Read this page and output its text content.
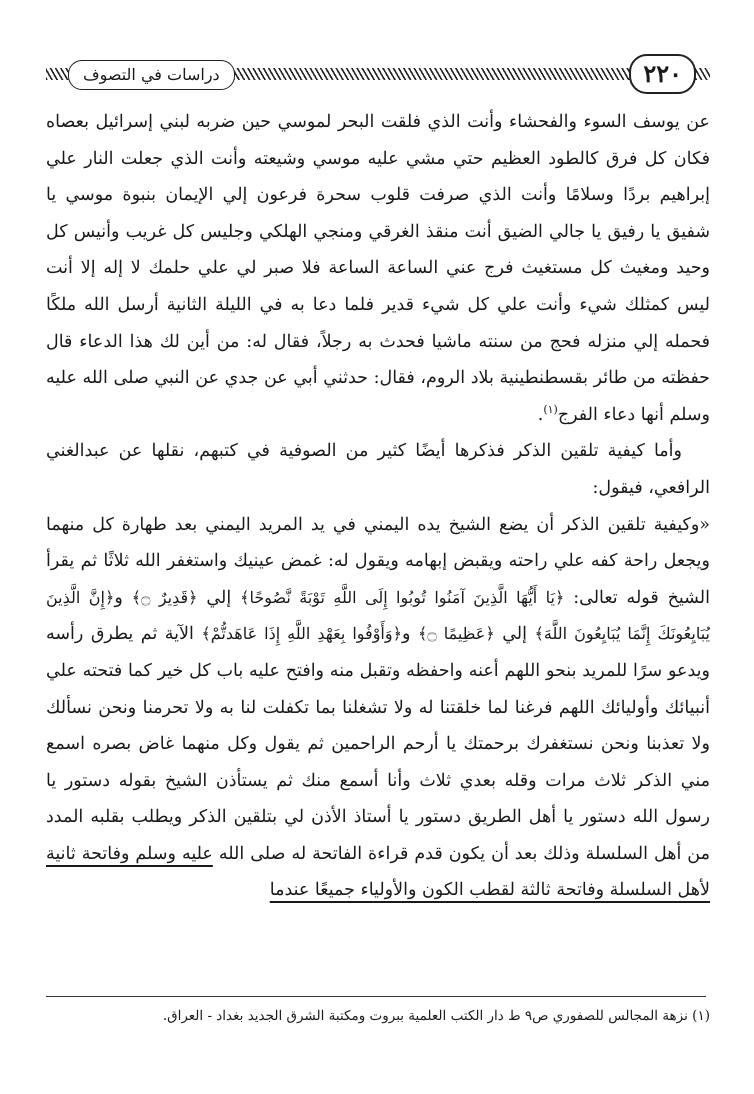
٢٢٠
دراسات في التصوف

عن يوسف السوء والفحشاء وأنت الذي فلقت البحر لموسي حين ضربه لبني إسرائيل بعصاه فكان كل فرق كالطود العظيم حتي مشي عليه موسي وشيعته وأنت الذي جعلت النار علي إبراهيم بردًا وسلامًا وأنت الذي صرفت قلوب سحرة فرعون إلي الإيمان بنبوة موسي يا شفيق يا رفيق يا جالي الضيق أنت منقذ الغرقي ومنجي الهلكي وجليس كل غريب وأنيس كل وحيد ومغيث كل مستغيث فرج عني الساعة الساعة فلا صبر لي علي حلمك لا إله إلا أنت ليس كمثلك شيء وأنت علي كل شيء قدير فلما دعا به في الليلة الثانية أرسل الله ملكًا فحمله إلي منزله فحج من سنته ماشيا فحدث به رجلاً، فقال له: من أين لك هذا الدعاء قال حفظته من طائر بقسطنطينية بلاد الروم، فقال: حدثني أبي عن جدي عن النبي صلى الله عليه وسلم أنها دعاء الفرج$^{(١)}$.

وأما كيفية تلقين الذكر فذكرها أيضًا كثير من الصوفية في كتبهم، نقلها عن عبدالغني الرافعي، فيقول:

«وكيفية تلقين الذكر أن يضع الشيخ يده اليمني في يد المريد اليمني بعد طهارة كل منهما ويجعل راحة كفه علي راحته ويقبض إبهامه ويقول له: غمض عينيك واستغفر الله ثلاثًا ثم يقرأ الشيخ قوله تعالى: ﴿يَا أَيُّهَا الَّذِينَ آمَنُوا تُوبُوا إِلَى اللَّهِ تَوْبَةً نَّصُوحًا﴾ إلي ﴿قَدِيرٌ ۝﴾ و﴿إِنَّ الَّذِينَ يُبَايِعُونَكَ إِنَّمَا يُبَايِعُونَ اللَّهَ﴾ إلي ﴿عَظِيمًا ۝﴾ و﴿وَأَوْفُوا بِعَهْدِ اللَّهِ إِذَا عَاهَدتُّمْ﴾ الآية ثم يطرق رأسه ويدعو سرًا للمريد بنحو اللهم أعنه واحفظه وتقبل منه وافتح عليه باب كل خير كما فتحته علي أنبيائك وأوليائك اللهم فرغنا لما خلقتنا له ولا تشغلنا بما تكفلت لنا به ولا تحرمنا ونحن نسألك ولا تعذبنا ونحن نستغفرك برحمتك يا أرحم الراحمين ثم يقول وكل منهما غاض بصره اسمع مني الذكر ثلاث مرات وقله بعدي ثلاث وأنا أسمع منك ثم يستأذن الشيخ بقوله دستور يا رسول الله دستور يا أهل الطريق دستور يا أستاذ الأذن لي بتلقين الذكر ويطلب بقلبه المدد من أهل السلسلة وذلك بعد أن يكون قدم قراءة الفاتحة له صلى الله عليه وسلم وفاتحة ثانية لأهل السلسلة وفاتحة ثالثة لقطب الكون والأولياء جميعًا عندما

(١) نزهة المجالس للصفوري ص٩ ط دار الكتب العلمية ببروت ومكتبة الشرق الجديد بغداد - العراق.
